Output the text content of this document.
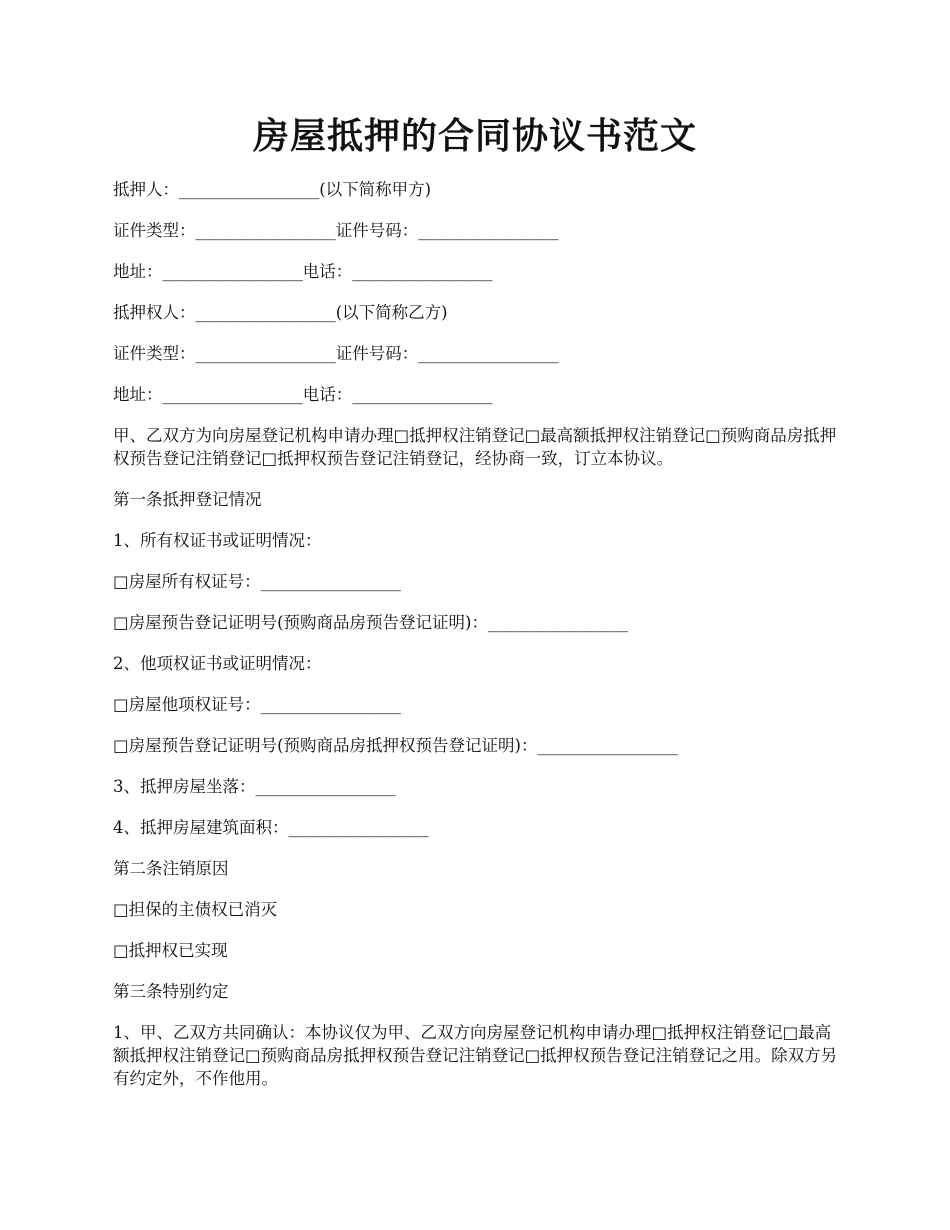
房屋抵押的合同协议书范文

抵押人：_________________(以下简称甲方)

证件类型：_________________证件号码：_________________

地址：_________________电话：_________________

抵押权人：_________________(以下简称乙方)

证件类型：_________________证件号码：_________________

地址：_________________电话：_________________

甲、乙双方为向房屋登记机构申请办理□抵押权注销登记□最高额抵押权注销登记□预购商品房抵押权预告登记注销登记□抵押权预告登记注销登记，经协商一致，订立本协议。

第一条抵押登记情况

1、所有权证书或证明情况：

□房屋所有权证号：_________________

□房屋预告登记证明号(预购商品房预告登记证明)：_________________

2、他项权证书或证明情况：

□房屋他项权证号：_________________

□房屋预告登记证明号(预购商品房抵押权预告登记证明)：_________________

3、抵押房屋坐落：_________________

4、抵押房屋建筑面积：_________________

第二条注销原因

□担保的主债权已消灭

□抵押权已实现

第三条特别约定

1、甲、乙双方共同确认：本协议仅为甲、乙双方向房屋登记机构申请办理□抵押权注销登记□最高额抵押权注销登记□预购商品房抵押权预告登记注销登记□抵押权预告登记注销登记之用。除双方另有约定外，不作他用。
